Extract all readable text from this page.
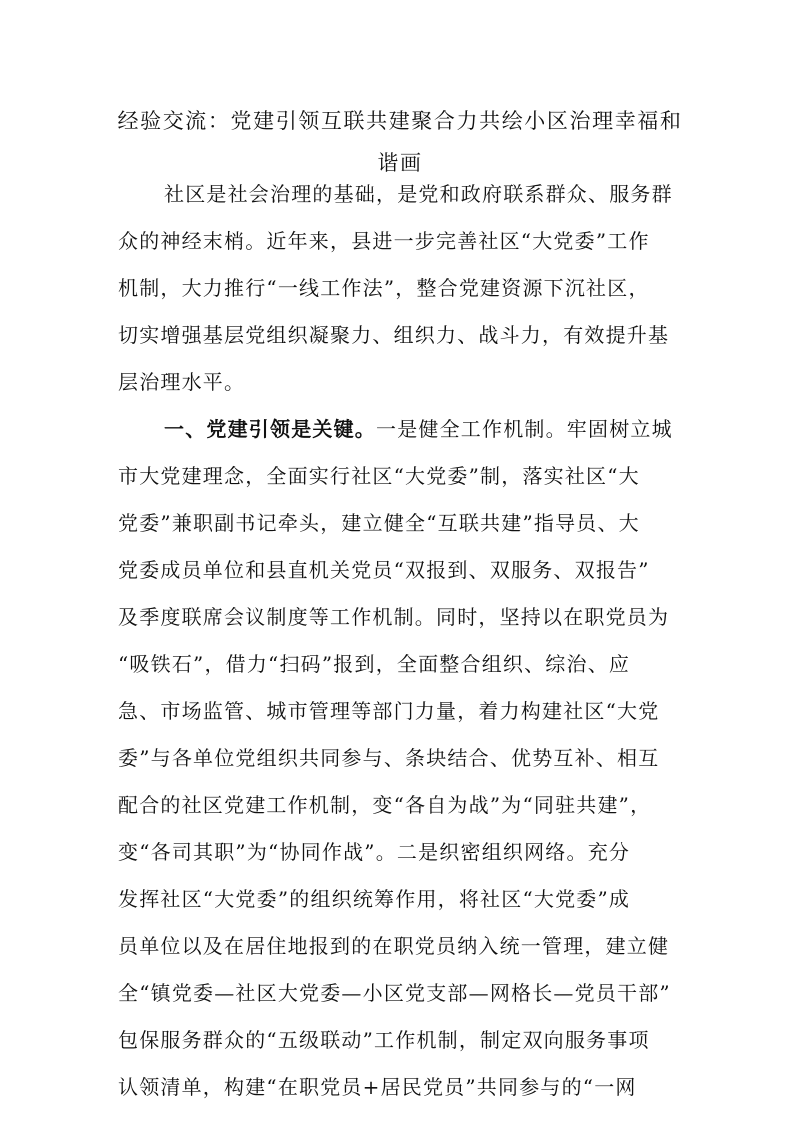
经验交流：党建引领互联共建聚合力共绘小区治理幸福和谐画

社区是社会治理的基础，是党和政府联系群众、服务群

众的神经末梢。近年来，县进一步完善社区“大党委”工作

机制，大力推行“一线工作法”，整合党建资源下沉社区，

切实增强基层党组织凝聚力、组织力、战斗力，有效提升基

层治理水平。

一、党建引领是关键。一是健全工作机制。牢固树立城

市大党建理念，全面实行社区“大党委”制，落实社区“大

党委”兼职副书记牵头，建立健全“互联共建”指导员、大

党委成员单位和县直机关党员“双报到、双服务、双报告”

及季度联席会议制度等工作机制。同时，坚持以在职党员为

“吸铁石”，借力“扫码”报到，全面整合组织、综治、应

急、市场监管、城市管理等部门力量，着力构建社区“大党

委”与各单位党组织共同参与、条块结合、优势互补、相互

配合的社区党建工作机制，变“各自为战”为“同驻共建”，

变“各司其职”为“协同作战”。二是织密组织网络。充分

发挥社区“大党委”的组织统筹作用，将社区“大党委”成

员单位以及在居住地报到的在职党员纳入统一管理，建立健

全“镇党委—社区大党委—小区党支部—网格长—党员干部”

包保服务群众的“五级联动”工作机制，制定双向服务事项

认领清单，构建“在职党员+居民党员”共同参与的“一网
